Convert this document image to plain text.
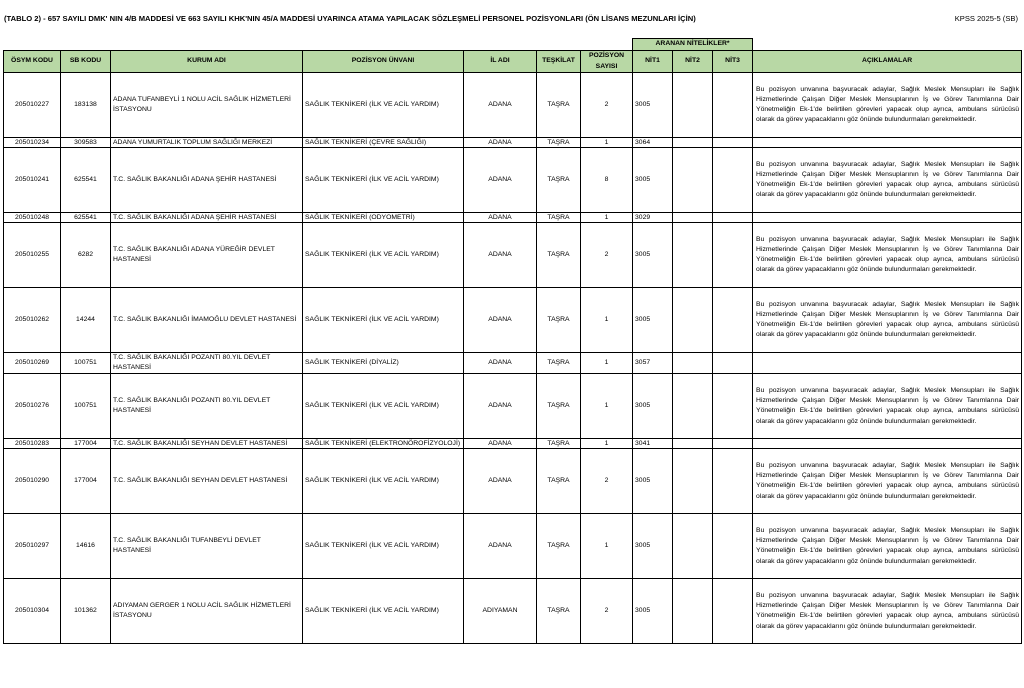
(TABLO 2) - 657 SAYILI DMK' NIN 4/B MADDESİ VE 663 SAYILI KHK'NIN 45/A MADDESİ UYARINCA ATAMA YAPILACAK SÖZLEŞMELİ PERSONEL POZİSYONLARI (ÖN LİSANS MEZUNLARI İÇİN)	KPSS 2025-5 (SB)
							ARANAN NİTELİKLER*			
ÖSYM KODU	SB KODU	KURUM ADI	POZİSYON ÜNVANI	İL ADI	TEŞKİLAT	POZİSYON SAYISI	NİT1	NİT2	NİT3	AÇIKLAMALAR
205010227	183138	ADANA TUFANBEYLİ 1 NOLU ACİL SAĞLIK HİZMETLERİ İSTASYONU	SAĞLIK TEKNİKERİ (İLK VE ACİL YARDIM)	ADANA	TAŞRA	2	3005			Bu pozisyon unvanına başvuracak adaylar, Sağlık Meslek Mensupları ile Sağlık Hizmetlerinde Çalışan Diğer Meslek Mensuplarının İş ve Görev Tanımlarına Dair Yönetmeliğin Ek-1'de belirtilen görevleri yapacak olup ayrıca, ambulans sürücüsü olarak da görev yapacaklarını göz önünde bulundurmaları gerekmektedir.
205010234	309583	ADANA YUMURTALIK TOPLUM SAĞLIĞI MERKEZİ	SAĞLIK TEKNİKERİ (ÇEVRE SAĞLIĞI)	ADANA	TAŞRA	1	3064			
205010241	625541	T.C. SAĞLIK BAKANLIĞI ADANA ŞEHİR HASTANESİ	SAĞLIK TEKNİKERİ (İLK VE ACİL YARDIM)	ADANA	TAŞRA	8	3005			Bu pozisyon unvanına başvuracak adaylar, Sağlık Meslek Mensupları ile Sağlık Hizmetlerinde Çalışan Diğer Meslek Mensuplarının İş ve Görev Tanımlarına Dair Yönetmeliğin Ek-1'de belirtilen görevleri yapacak olup ayrıca, ambulans sürücüsü olarak da görev yapacaklarını göz önünde bulundurmaları gerekmektedir.
205010248	625541	T.C. SAĞLIK BAKANLIĞI ADANA ŞEHİR HASTANESİ	SAĞLIK TEKNİKERİ (ODYOMETRİ)	ADANA	TAŞRA	1	3029			
205010255	6282	T.C. SAĞLIK BAKANLIĞI ADANA YÜREĞİR DEVLET HASTANESİ	SAĞLIK TEKNİKERİ (İLK VE ACİL YARDIM)	ADANA	TAŞRA	2	3005			Bu pozisyon unvanına başvuracak adaylar, Sağlık Meslek Mensupları ile Sağlık Hizmetlerinde Çalışan Diğer Meslek Mensuplarının İş ve Görev Tanımlarına Dair Yönetmeliğin Ek-1'de belirtilen görevleri yapacak olup ayrıca, ambulans sürücüsü olarak da görev yapacaklarını göz önünde bulundurmaları gerekmektedir.
205010262	14244	T.C. SAĞLIK BAKANLIĞI İMAMOĞLU DEVLET HASTANESİ	SAĞLIK TEKNİKERİ (İLK VE ACİL YARDIM)	ADANA	TAŞRA	1	3005			Bu pozisyon unvanına başvuracak adaylar, Sağlık Meslek Mensupları ile Sağlık Hizmetlerinde Çalışan Diğer Meslek Mensuplarının İş ve Görev Tanımlarına Dair Yönetmeliğin Ek-1'de belirtilen görevleri yapacak olup ayrıca, ambulans sürücüsü olarak da görev yapacaklarını göz önünde bulundurmaları gerekmektedir.
205010269	100751	T.C. SAĞLIK BAKANLIĞI POZANTI 80.YIL DEVLET HASTANESİ	SAĞLIK TEKNİKERİ (DİYALİZ)	ADANA	TAŞRA	1	3057			
205010276	100751	T.C. SAĞLIK BAKANLIĞI POZANTI 80.YIL DEVLET HASTANESİ	SAĞLIK TEKNİKERİ (İLK VE ACİL YARDIM)	ADANA	TAŞRA	1	3005			Bu pozisyon unvanına başvuracak adaylar, Sağlık Meslek Mensupları ile Sağlık Hizmetlerinde Çalışan Diğer Meslek Mensuplarının İş ve Görev Tanımlarına Dair Yönetmeliğin Ek-1'de belirtilen görevleri yapacak olup ayrıca, ambulans sürücüsü olarak da görev yapacaklarını göz önünde bulundurmaları gerekmektedir.
205010283	177004	T.C. SAĞLIK BAKANLIĞI SEYHAN DEVLET HASTANESİ	SAĞLIK TEKNİKERİ (ELEKTRONÖROFİZYOLOJİ)	ADANA	TAŞRA	1	3041			
205010290	177004	T.C. SAĞLIK BAKANLIĞI SEYHAN DEVLET HASTANESİ	SAĞLIK TEKNİKERİ (İLK VE ACİL YARDIM)	ADANA	TAŞRA	2	3005			Bu pozisyon unvanına başvuracak adaylar, Sağlık Meslek Mensupları ile Sağlık Hizmetlerinde Çalışan Diğer Meslek Mensuplarının İş ve Görev Tanımlarına Dair Yönetmeliğin Ek-1'de belirtilen görevleri yapacak olup ayrıca, ambulans sürücüsü olarak da görev yapacaklarını göz önünde bulundurmaları gerekmektedir.
205010297	14616	T.C. SAĞLIK BAKANLIĞI TUFANBEYLİ DEVLET HASTANESİ	SAĞLIK TEKNİKERİ (İLK VE ACİL YARDIM)	ADANA	TAŞRA	1	3005			Bu pozisyon unvanına başvuracak adaylar, Sağlık Meslek Mensupları ile Sağlık Hizmetlerinde Çalışan Diğer Meslek Mensuplarının İş ve Görev Tanımlarına Dair Yönetmeliğin Ek-1'de belirtilen görevleri yapacak olup ayrıca, ambulans sürücüsü olarak da görev yapacaklarını göz önünde bulundurmaları gerekmektedir.
205010304	101362	ADIYAMAN GERGER 1 NOLU ACİL SAĞLIK HİZMETLERİ İSTASYONU	SAĞLIK TEKNİKERİ (İLK VE ACİL YARDIM)	ADIYAMAN	TAŞRA	2	3005			Bu pozisyon unvanına başvuracak adaylar, Sağlık Meslek Mensupları ile Sağlık Hizmetlerinde Çalışan Diğer Meslek Mensuplarının İş ve Görev Tanımlarına Dair Yönetmeliğin Ek-1'de belirtilen görevleri yapacak olup ayrıca, ambulans sürücüsü olarak da görev yapacaklarını göz önünde bulundurmaları gerekmektedir.
